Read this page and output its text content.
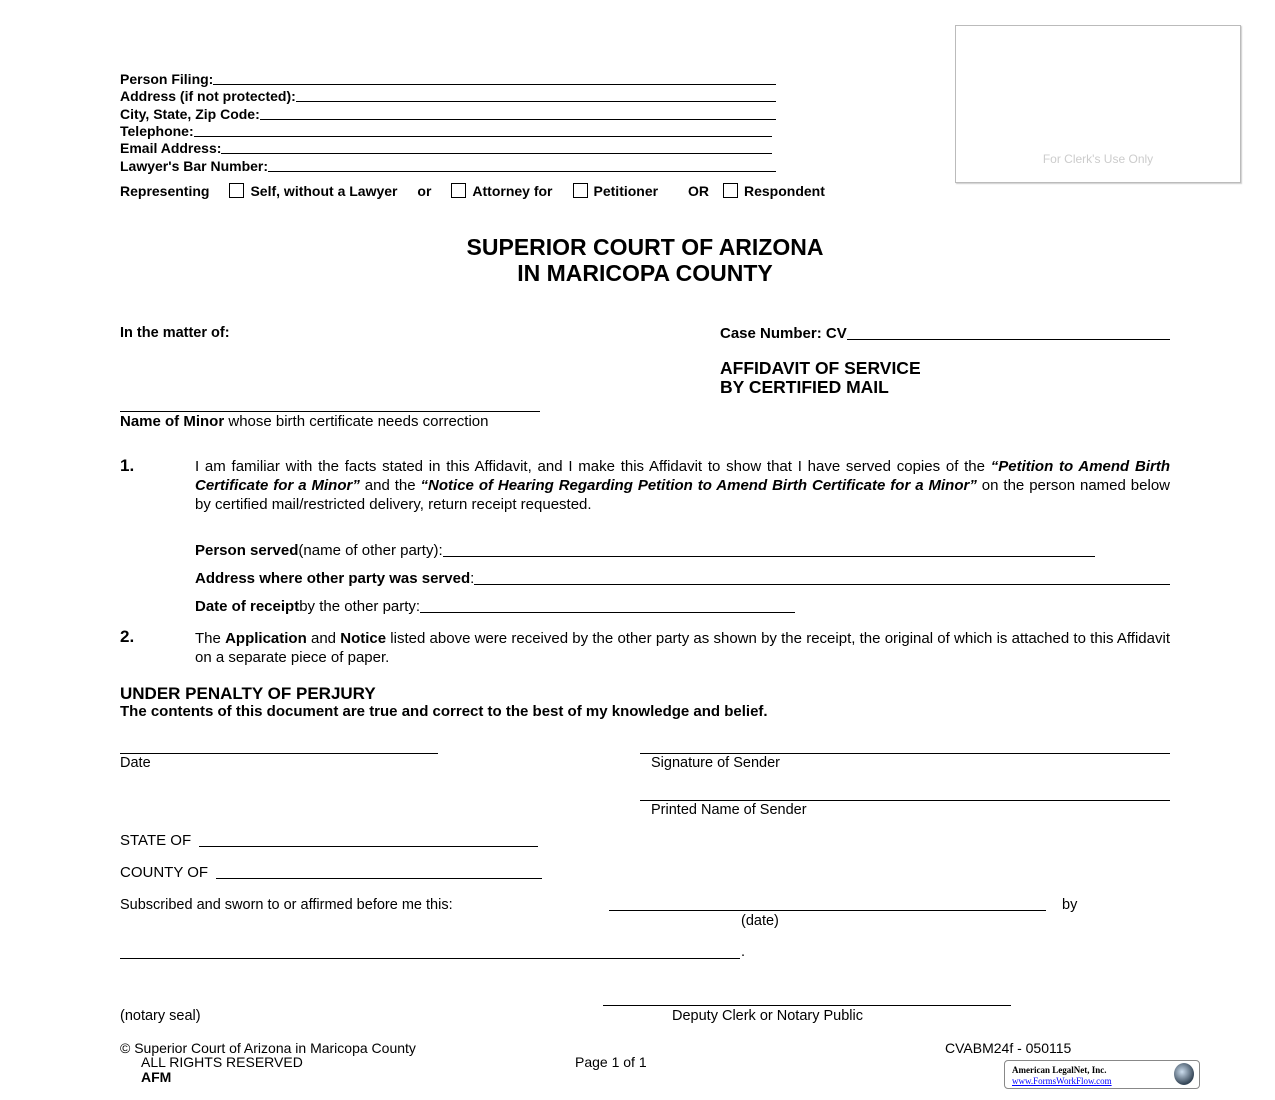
For Clerk's Use Only
Person Filing:
Address (if not protected):
City, State, Zip Code:
Telephone:
Email Address:
Lawyer's Bar Number:
Representing	Self, without a Lawyer or	Attorney for	Petitioner OR	Respondent
SUPERIOR COURT OF ARIZONA
IN MARICOPA COUNTY
In the matter of:	Case Number: CV
AFFIDAVIT OF SERVICE
BY CERTIFIED MAIL
Name of Minor whose birth certificate needs correction
1.	I am familiar with the facts stated in this Affidavit, and I make this Affidavit to show that I have served copies of the “Petition to Amend Birth Certificate for a Minor” and the “Notice of Hearing Regarding Petition to Amend Birth Certificate for a Minor” on the person named below by certified mail/restricted delivery, return receipt requested.
Person served (name of other party):
Address where other party was served :
Date of receipt by the other party:
2.	The Application and Notice listed above were received by the other party as shown by the receipt, the original of which is attached to this Affidavit on a separate piece of paper.
UNDER PENALTY OF PERJURY
The contents of this document are true and correct to the best of my knowledge and belief.
Date	Signature of Sender
Printed Name of Sender
STATE OF
COUNTY OF
Subscribed and sworn to or affirmed before me this:	by
(date)
.
(notary seal)	Deputy Clerk or Notary Public
© Superior Court of Arizona in Maricopa County
ALL RIGHTS RESERVED
AFM
Page 1 of 1
CVABM24f - 050115
American LegalNet, Inc.
www.FormsWorkFlow.com
